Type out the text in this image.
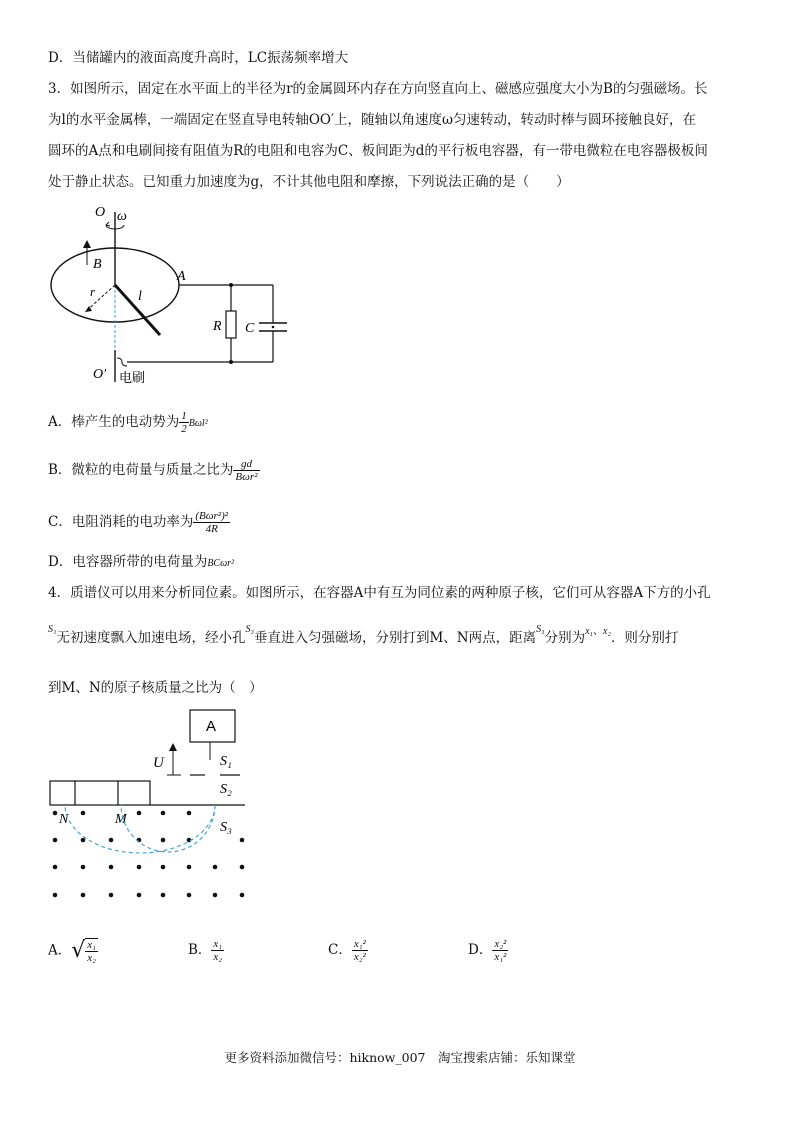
D．当储罐内的液面高度升高时，LC振荡频率增大
3．如图所示，固定在水平面上的半径为r的金属圆环内存在方向竖直向上、磁感应强度大小为B的匀强磁场。长
为l的水平金属棒，一端固定在竖直导电转轴OO′上，随轴以角速度ω匀速转动，转动时棒与圆环接触良好，在
圆环的A点和电刷间接有阻值为R的电阻和电容为C、板间距为d的平行板电容器，有一带电微粒在电容器极板间
处于静止状态。已知重力加速度为g，不计其他电阻和摩擦，下列说法正确的是（　　）
O ω
B
l
r
A
C
R
O′ 电刷
A．棒产生的电动势为 $\frac{1}{2} B\omega l^2$
B．微粒的电荷量与质量之比为 $\frac{gd}{\text{Bωr²}}$
C．电阻消耗的电功率为 $\frac{\text{(Bωr²)²}}{4R}$
D．电容器所带的电荷量为BCωr²
4．质谱仪可以用来分析同位素。如图所示，在容器A中有互为同位素的两种原子核，它们可从容器A下方的小孔
$^{S_1}$无初速度飘入加速电场，经小孔$^{S_3}$垂直进入匀强磁场，分别打到M、N两点，距离$^{S_3}$分别为$^{x_1、x_2}$．则分别打
到M、N的原子核质量之比为（　）
A
U	S₁
S₂
S₃
N	M
A．√ $\frac{\text{x₁}}{\text{x₂}}$	B． $\frac{\text{x₁}}{\text{x₂}}$	C． $\frac{\text{x₁²}}{\text{x₂²}}$	D． $\frac{\text{x₂²}}{\text{x₁²}}$
更多资料添加微信号：hiknow_007　淘宝搜索店铺：乐知课堂
